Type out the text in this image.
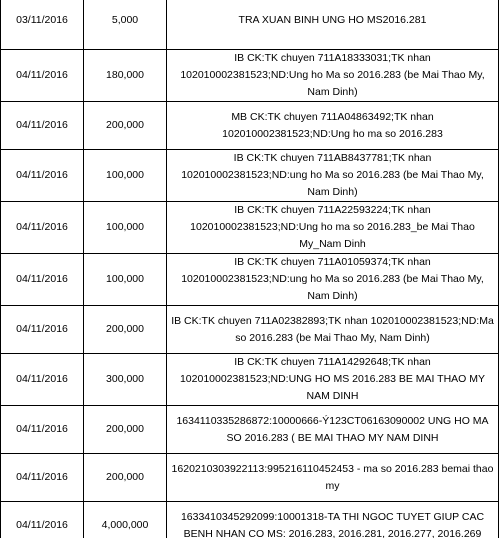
03/11/2016	5,000	TRA XUAN BINH UNG HO MS2016.281
04/11/2016	180,000	IB CK:TK chuyen 711A18333031;TK nhan 102010002381523;ND:Ung ho Ma so 2016.283 (be Mai Thao My, Nam Dinh)
04/11/2016	200,000	MB CK:TK chuyen 711A04863492;TK nhan 102010002381523;ND:Ung ho ma so 2016.283
04/11/2016	100,000	IB CK:TK chuyen 711AB8437781;TK nhan 102010002381523;ND:ung ho Ma so 2016.283 (be Mai Thao My, Nam Dinh)
04/11/2016	100,000	IB CK:TK chuyen 711A22593224;TK nhan 102010002381523;ND:Ung ho ma so 2016.283_be Mai Thao My_Nam Dinh
04/11/2016	100,000	IB CK:TK chuyen 711A01059374;TK nhan 102010002381523;ND:ung ho Ma so 2016.283 (be Mai Thao My, Nam Dinh)
04/11/2016	200,000	IB CK:TK chuyen 711A02382893;TK nhan 102010002381523;ND:Ma so 2016.283 (be Mai Thao My, Nam Dinh)
04/11/2016	300,000	IB CK:TK chuyen 711A14292648;TK nhan 102010002381523;ND:UNG HO MS 2016.283 BE MAI THAO MY NAM DINH
04/11/2016	200,000	1634110335286872:10000666-Ý123CT06163090002 UNG HO MA SO 2016.283 ( BE MAI THAO MY NAM DINH
04/11/2016	200,000	1620210303922113:995216110452453 - ma so 2016.283 bemai thao my
04/11/2016	4,000,000	1633410345292099:10001318-TA THI NGOC TUYET GIUP CAC BENH NHAN CO MS: 2016.283, 2016.281, 2016.277, 2016.269
